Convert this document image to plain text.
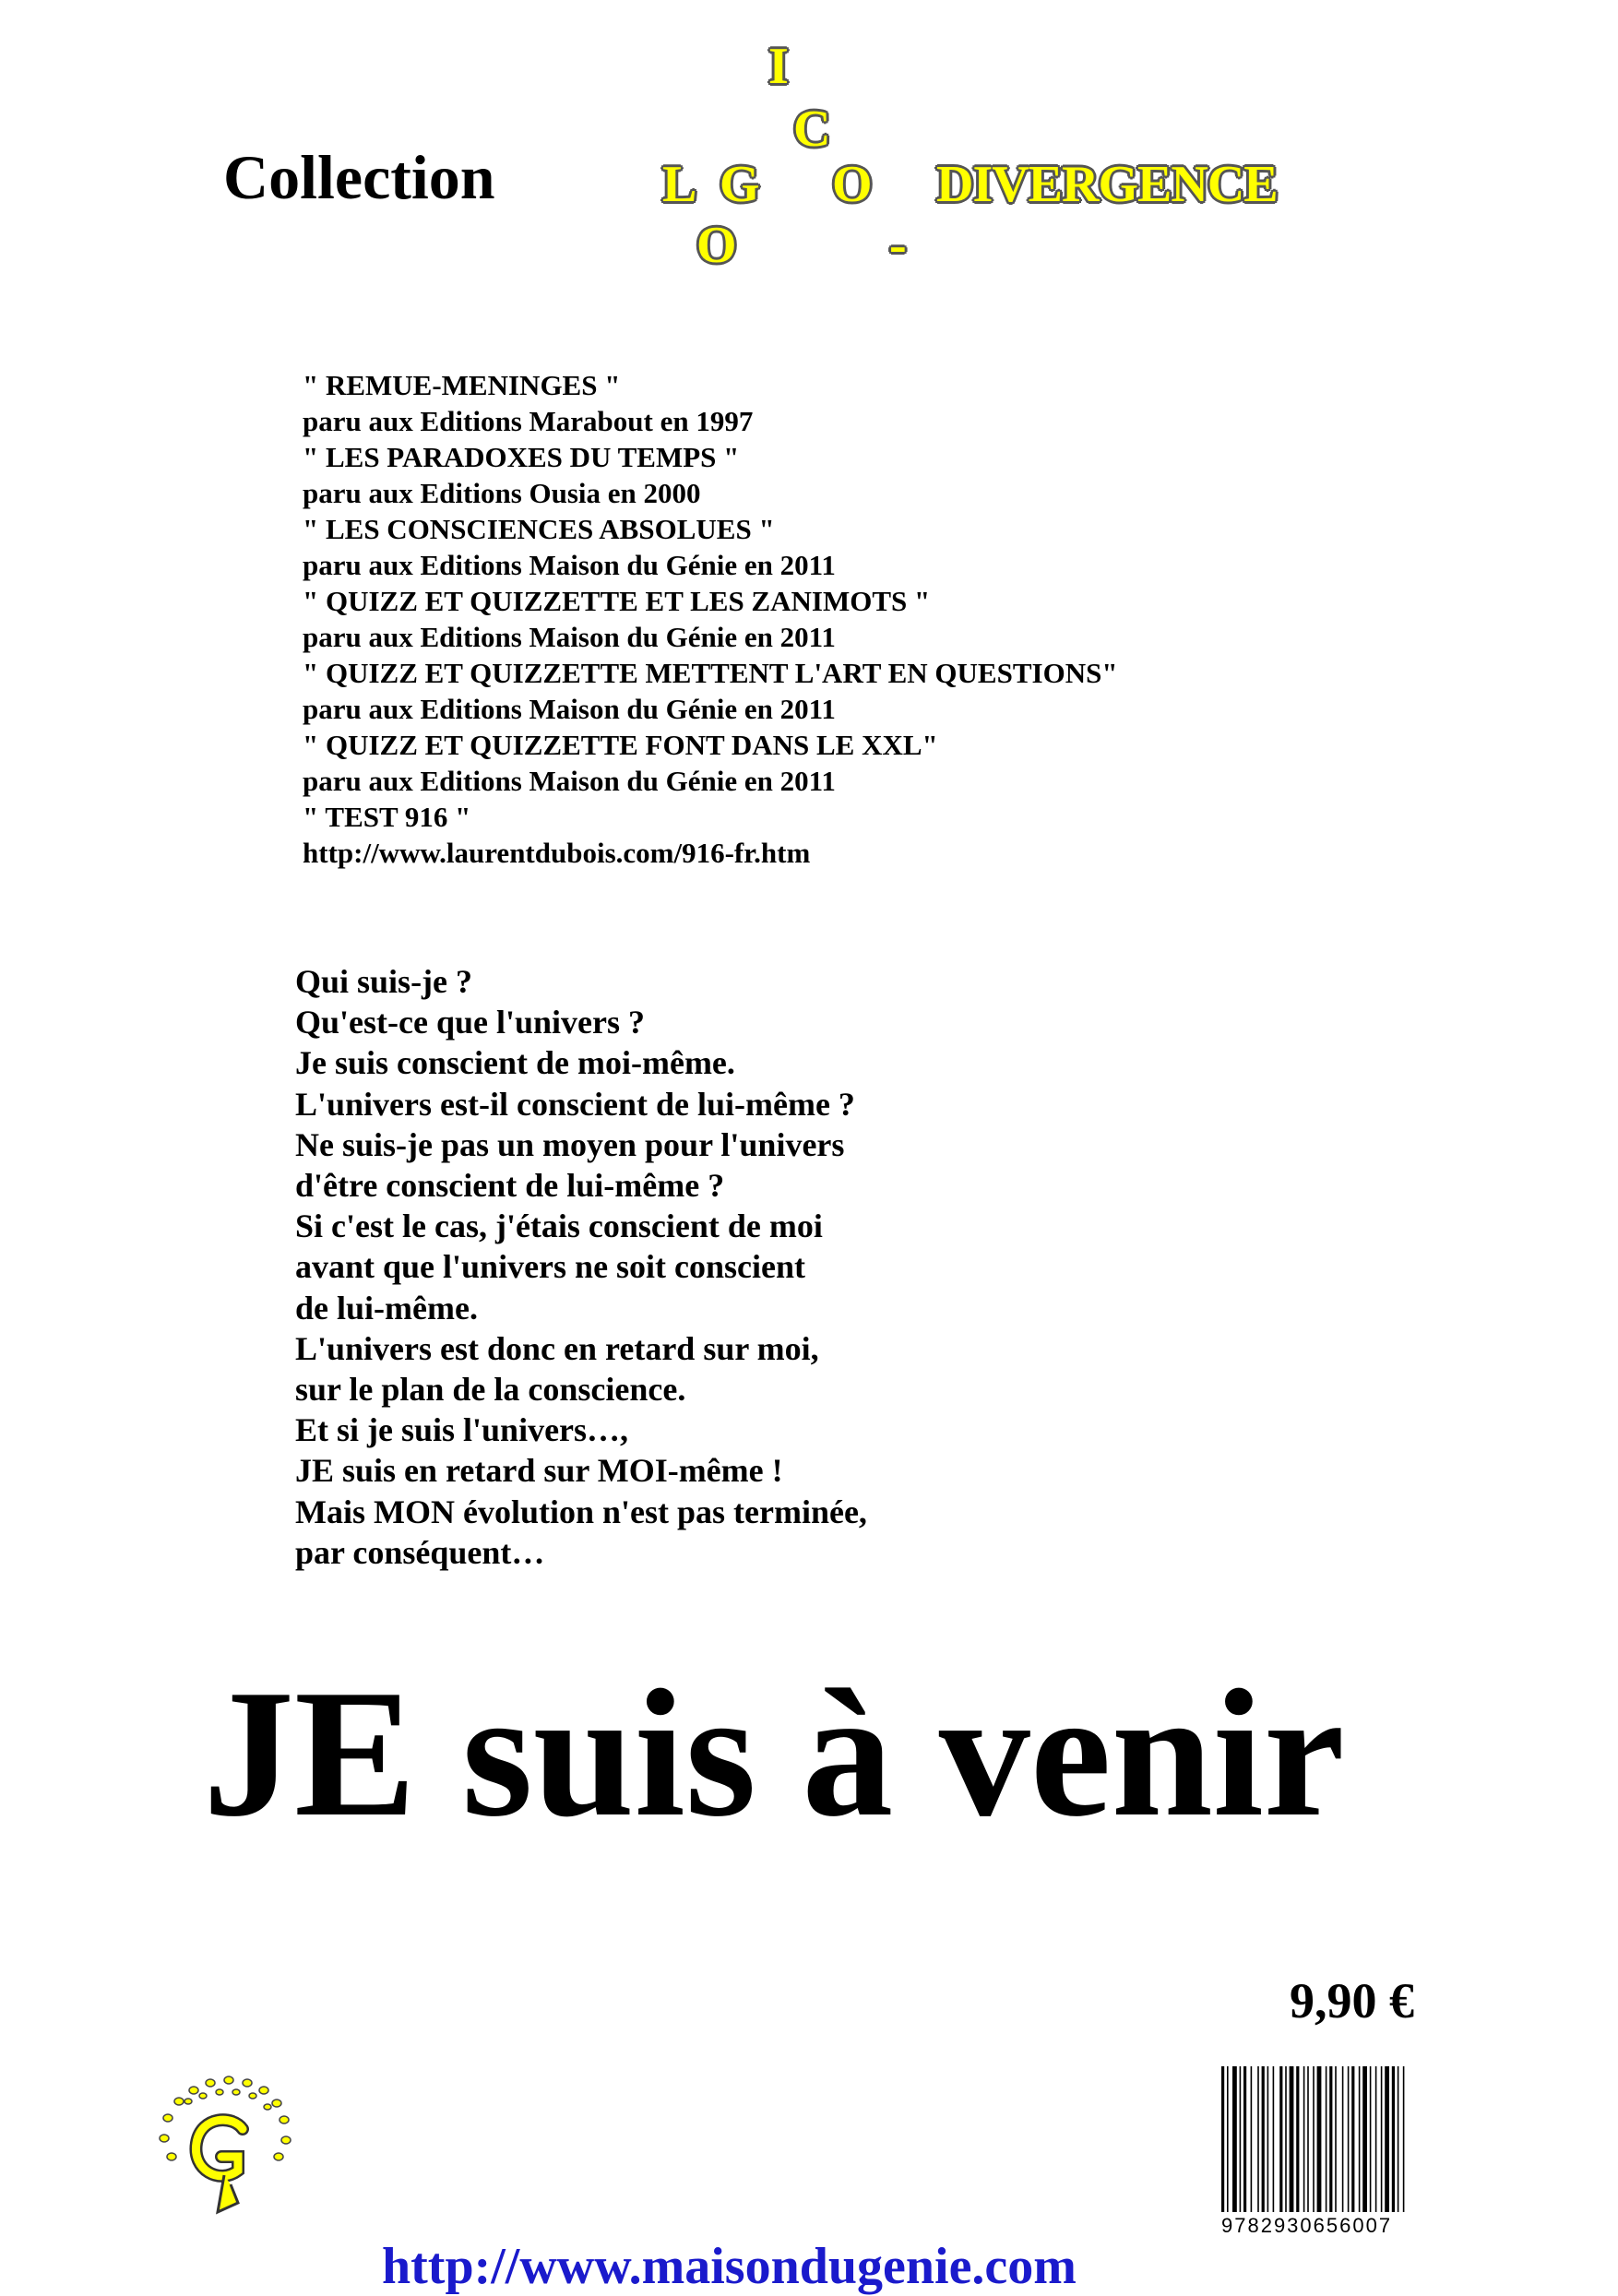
Collection
I
C
L G O
O	-
DIVERGENCE
" REMUE-MENINGES "
paru aux Editions Marabout en 1997
" LES PARADOXES DU TEMPS "
paru aux Editions Ousia en 2000
" LES CONSCIENCES ABSOLUES "
paru aux Editions Maison du Génie en 2011
" QUIZZ ET QUIZZETTE ET LES ZANIMOTS "
paru aux Editions Maison du Génie en 2011
" QUIZZ ET QUIZZETTE METTENT L'ART EN QUESTIONS"
paru aux Editions Maison du Génie en 2011
" QUIZZ ET QUIZZETTE FONT DANS LE XXL"
paru aux Editions Maison du Génie en 2011
" TEST 916 "
http://www.laurentdubois.com/916-fr.htm
Qui suis-je ?
Qu'est-ce que l'univers ?
Je suis conscient de moi-même.
L'univers est-il conscient de lui-même ?
Ne suis-je pas un moyen pour l'univers
d'être conscient de lui-même ?
Si c'est le cas, j'étais conscient de moi
avant que l'univers ne soit conscient
de lui-même.
L'univers est donc en retard sur moi,
sur le plan de la conscience.
Et si je suis l'univers…,
JE suis en retard sur MOI-même !
Mais MON évolution n'est pas terminée,
par conséquent…
JE suis à venir
9,90 €
9782930656007
http://www.maisondugenie.com
